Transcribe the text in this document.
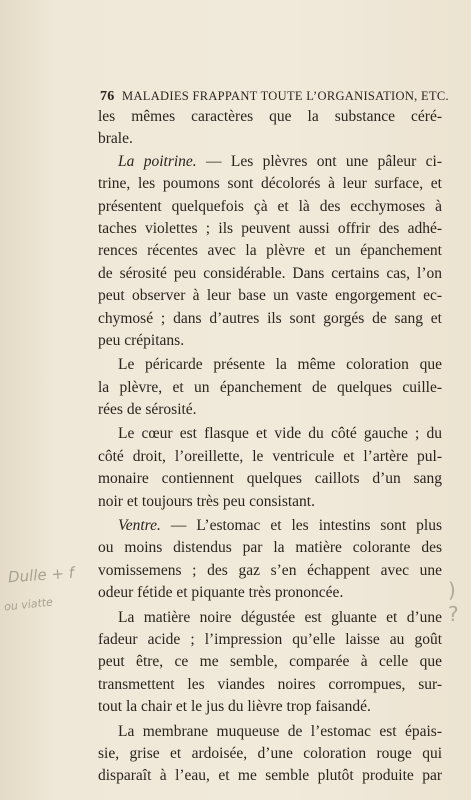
76 MALADIES FRAPPANT TOUTE L’ORGANISATION, ETC.
les mêmes caractères que la substance céré-
brale.
La poitrine. — Les plèvres ont une pâleur ci-
trine, les poumons sont décolorés à leur surface, et
présentent quelquefois çà et là des ecchymoses à
taches violettes ; ils peuvent aussi offrir des adhé-
rences récentes avec la plèvre et un épanchement
de sérosité peu considérable. Dans certains cas, l’on
peut observer à leur base un vaste engorgement ec-
chymosé ; dans d’autres ils sont gorgés de sang et
peu crépitans.
Le péricarde présente la même coloration que
la plèvre, et un épanchement de quelques cuille-
rées de sérosité.
Le cœur est flasque et vide du côté gauche ; du
côté droit, l’oreillette, le ventricule et l’artère pul-
monaire contiennent quelques caillots d’un sang
noir et toujours très peu consistant.
Ventre. — L’estomac et les intestins sont plus
ou moins distendus par la matière colorante des
vomissemens ; des gaz s’en échappent avec une
odeur fétide et piquante très prononcée.
La matière noire dégustée est gluante et d’une
fadeur acide ; l’impression qu’elle laisse au goût
peut être, ce me semble, comparée à celle que
transmettent les viandes noires corrompues, sur-
tout la chair et le jus du lièvre trop faisandé.
La membrane muqueuse de l’estomac est épais-
sie, grise et ardoisée, d’une coloration rouge qui
disparaît à l’eau, et me semble plutôt produite par
Dulle + f
ou viatte
) ?
